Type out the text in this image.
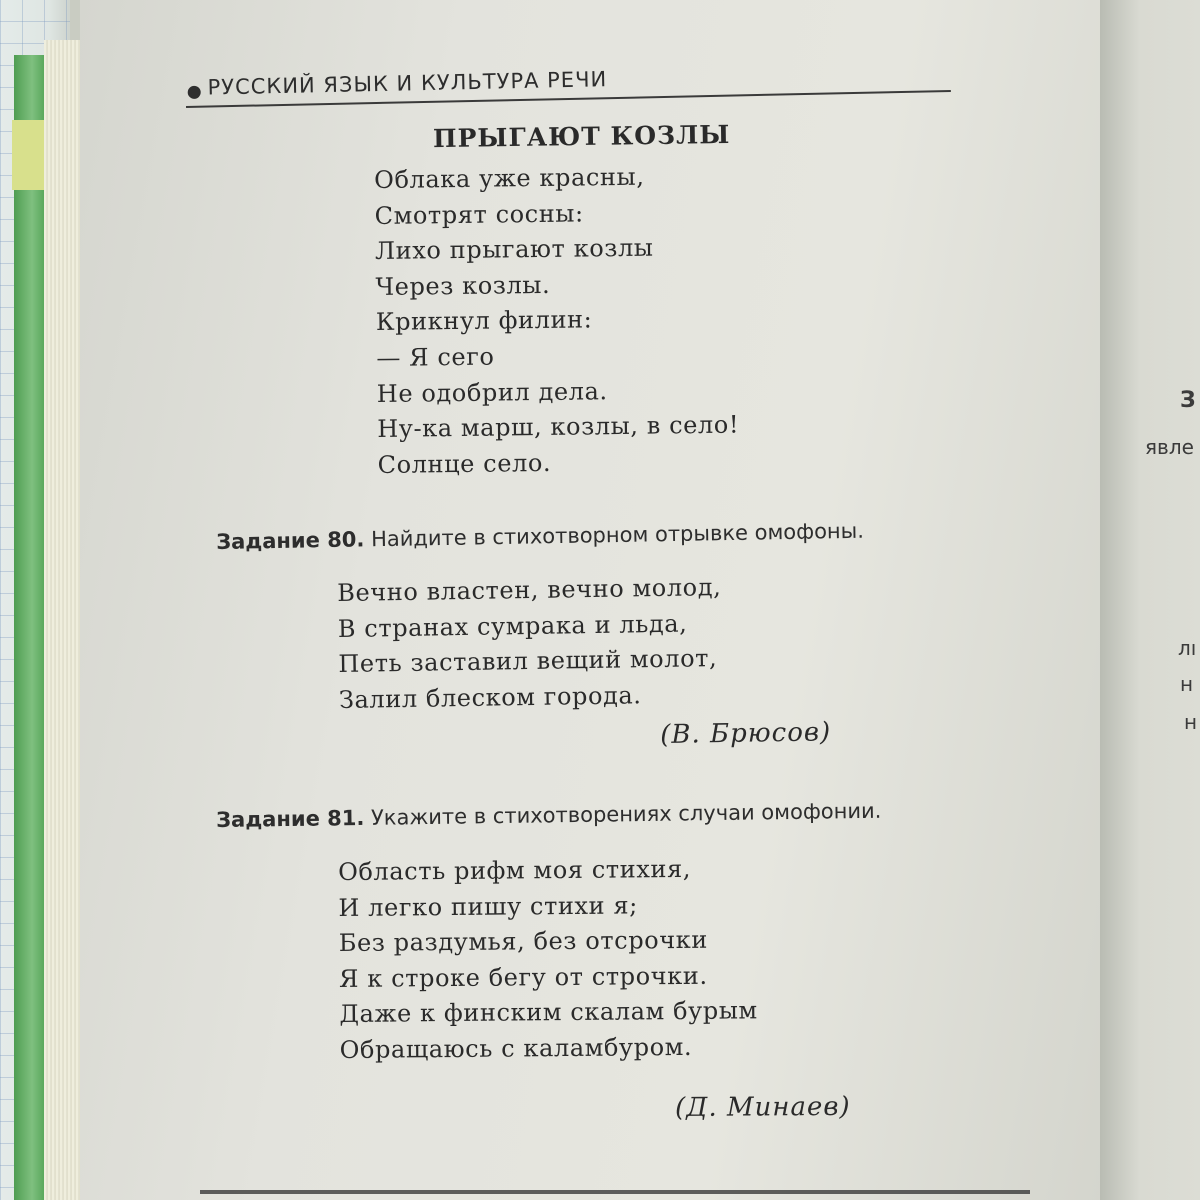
З
явле
лı
н
н
РУССКИЙ ЯЗЫК И КУЛЬТУРА РЕЧИ
ПРЫГАЮТ КОЗЛЫ
Облака уже красны,
Смотрят сосны:
Лихо прыгают козлы
Через козлы.
Крикнул филин:
— Я сего
Не одобрил дела.
Ну-ка марш, козлы, в село!
Солнце село.
Задание 80. Найдите в стихотворном отрывке омофоны.
Вечно властен, вечно молод,
В странах сумрака и льда,
Петь заставил вещий молот,
Залил блеском города.
(В. Брюсов)
Задание 81. Укажите в стихотворениях случаи омофонии.
Область рифм моя стихия,
И легко пишу стихи я;
Без раздумья, без отсрочки
Я к строке бегу от строчки.
Даже к финским скалам бурым
Обращаюсь с каламбуром.
(Д. Минаев)
